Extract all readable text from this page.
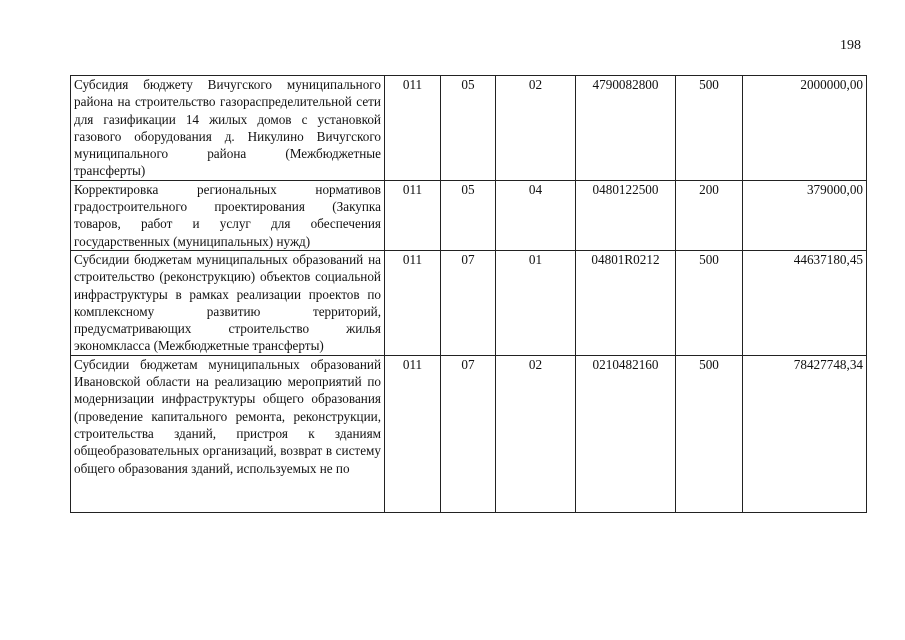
198
Субсидия бюджету Вичугского муниципального района на строительство газораспределительной сети для газификации 14 жилых домов с установкой газового оборудования д. Никулино Вичугского муниципального района (Межбюджетные трансферты)	011	05	02	4790082800	500	2000000,00
Корректировка региональных нормативов градостроительного проектирования (Закупка товаров, работ и услуг для обеспечения государственных (муниципальных) нужд)	011	05	04	0480122500	200	379000,00
Субсидии бюджетам муниципальных образований на строительство (реконструкцию) объектов социальной инфраструктуры в рамках реализации проектов по комплексному развитию территорий, предусматривающих строительство жилья экономкласса (Межбюджетные трансферты)	011	07	01	04801R0212	500	44637180,45

Субсидии бюджетам муниципальных образований Ивановской области на реализацию мероприятий по модернизации инфраструктуры общего образования (проведение капитального ремонта, реконструкции, строительства зданий, пристроя к зданиям общеобразовательных организаций, возврат в систему общего образования зданий, используемых не по	011	07	02	0210482160	500	78427748,34
